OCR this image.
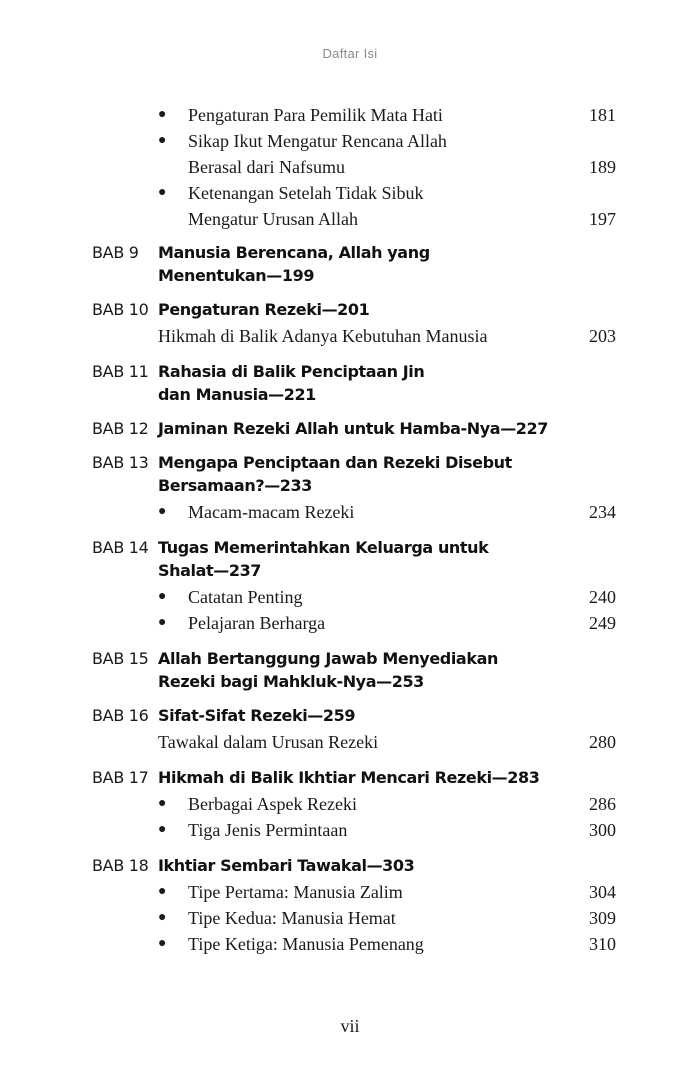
Daftar Isi
●	Pengaturan Para Pemilik Mata Hati	181
●	Sikap Ikut Mengatur Rencana Allah
Berasal dari Nafsumu	189
●	Ketenangan Setelah Tidak Sibuk
Mengatur Urusan Allah	197
BAB 9	Manusia Berencana, Allah yang
Menentukan—199
BAB 10 Pengaturan Rezeki—201
Hikmah di Balik Adanya Kebutuhan Manusia	203
BAB 11 Rahasia di Balik Penciptaan Jin
dan Manusia—221
BAB 12 Jaminan Rezeki Allah untuk Hamba-Nya—227
BAB 13 Mengapa Penciptaan dan Rezeki Disebut
Bersamaan?—233
●	Macam-macam Rezeki	234
BAB 14 Tugas Memerintahkan Keluarga untuk
Shalat—237
●	Catatan Penting	240
●	Pelajaran Berharga	249
BAB 15 Allah Bertanggung Jawab Menyediakan
Rezeki bagi Mahkluk-Nya—253
BAB 16 Sifat-Sifat Rezeki—259
Tawakal dalam Urusan Rezeki	280
BAB 17 Hikmah di Balik Ikhtiar Mencari Rezeki—283
●	Berbagai Aspek Rezeki	286
●	Tiga Jenis Permintaan	300
BAB 18 Ikhtiar Sembari Tawakal—303
●	Tipe Pertama: Manusia Zalim	304
●	Tipe Kedua: Manusia Hemat	309
●	Tipe Ketiga: Manusia Pemenang	310
vii
